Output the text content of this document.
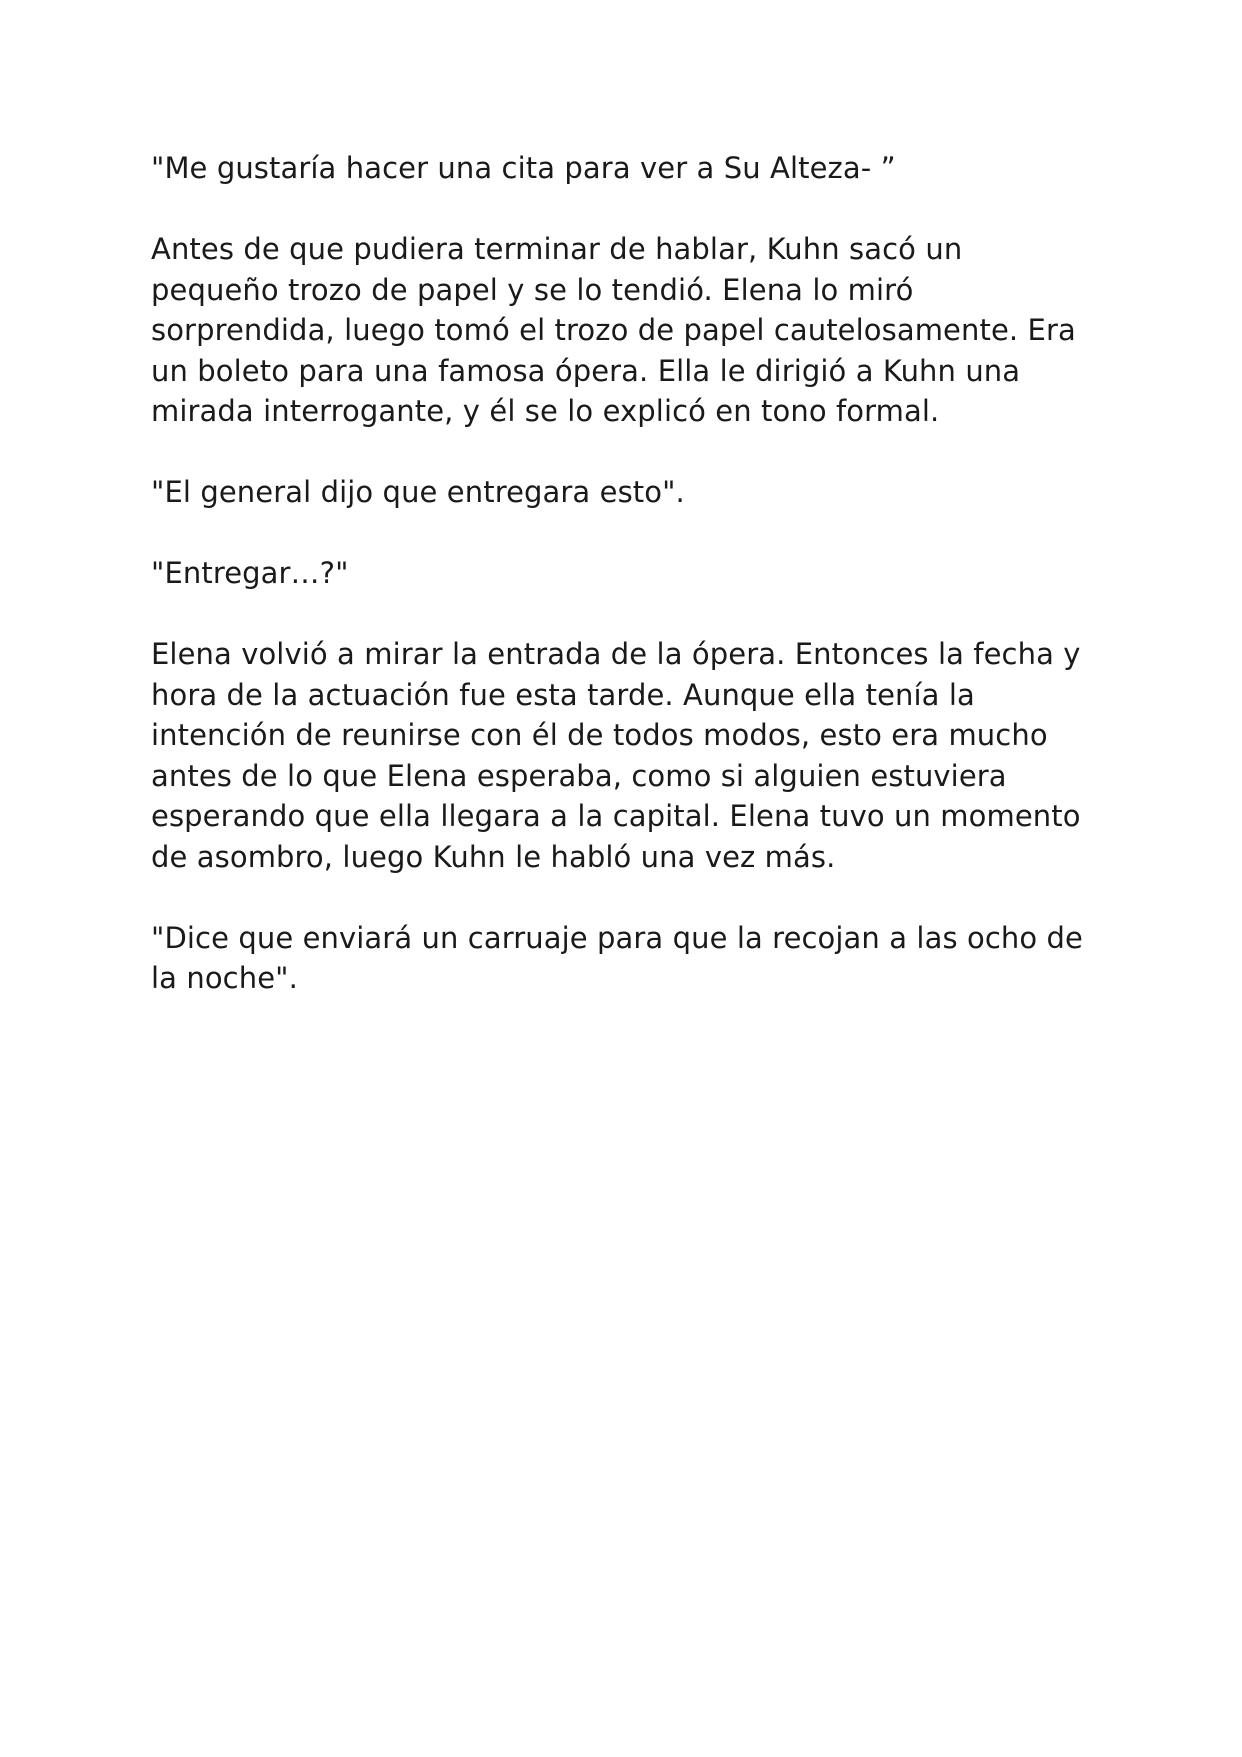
"Me gustaría hacer una cita para ver a Su Alteza- ”

Antes de que pudiera terminar de hablar, Kuhn sacó un
pequeño trozo de papel y se lo tendió. Elena lo miró
sorprendida, luego tomó el trozo de papel cautelosamente. Era
un boleto para una famosa ópera. Ella le dirigió a Kuhn una
mirada interrogante, y él se lo explicó en tono formal.

"El general dijo que entregara esto".

"Entregar…?"

Elena volvió a mirar la entrada de la ópera. Entonces la fecha y
hora de la actuación fue esta tarde. Aunque ella tenía la
intención de reunirse con él de todos modos, esto era mucho
antes de lo que Elena esperaba, como si alguien estuviera
esperando que ella llegara a la capital. Elena tuvo un momento
de asombro, luego Kuhn le habló una vez más.

"Dice que enviará un carruaje para que la recojan a las ocho de
la noche".
